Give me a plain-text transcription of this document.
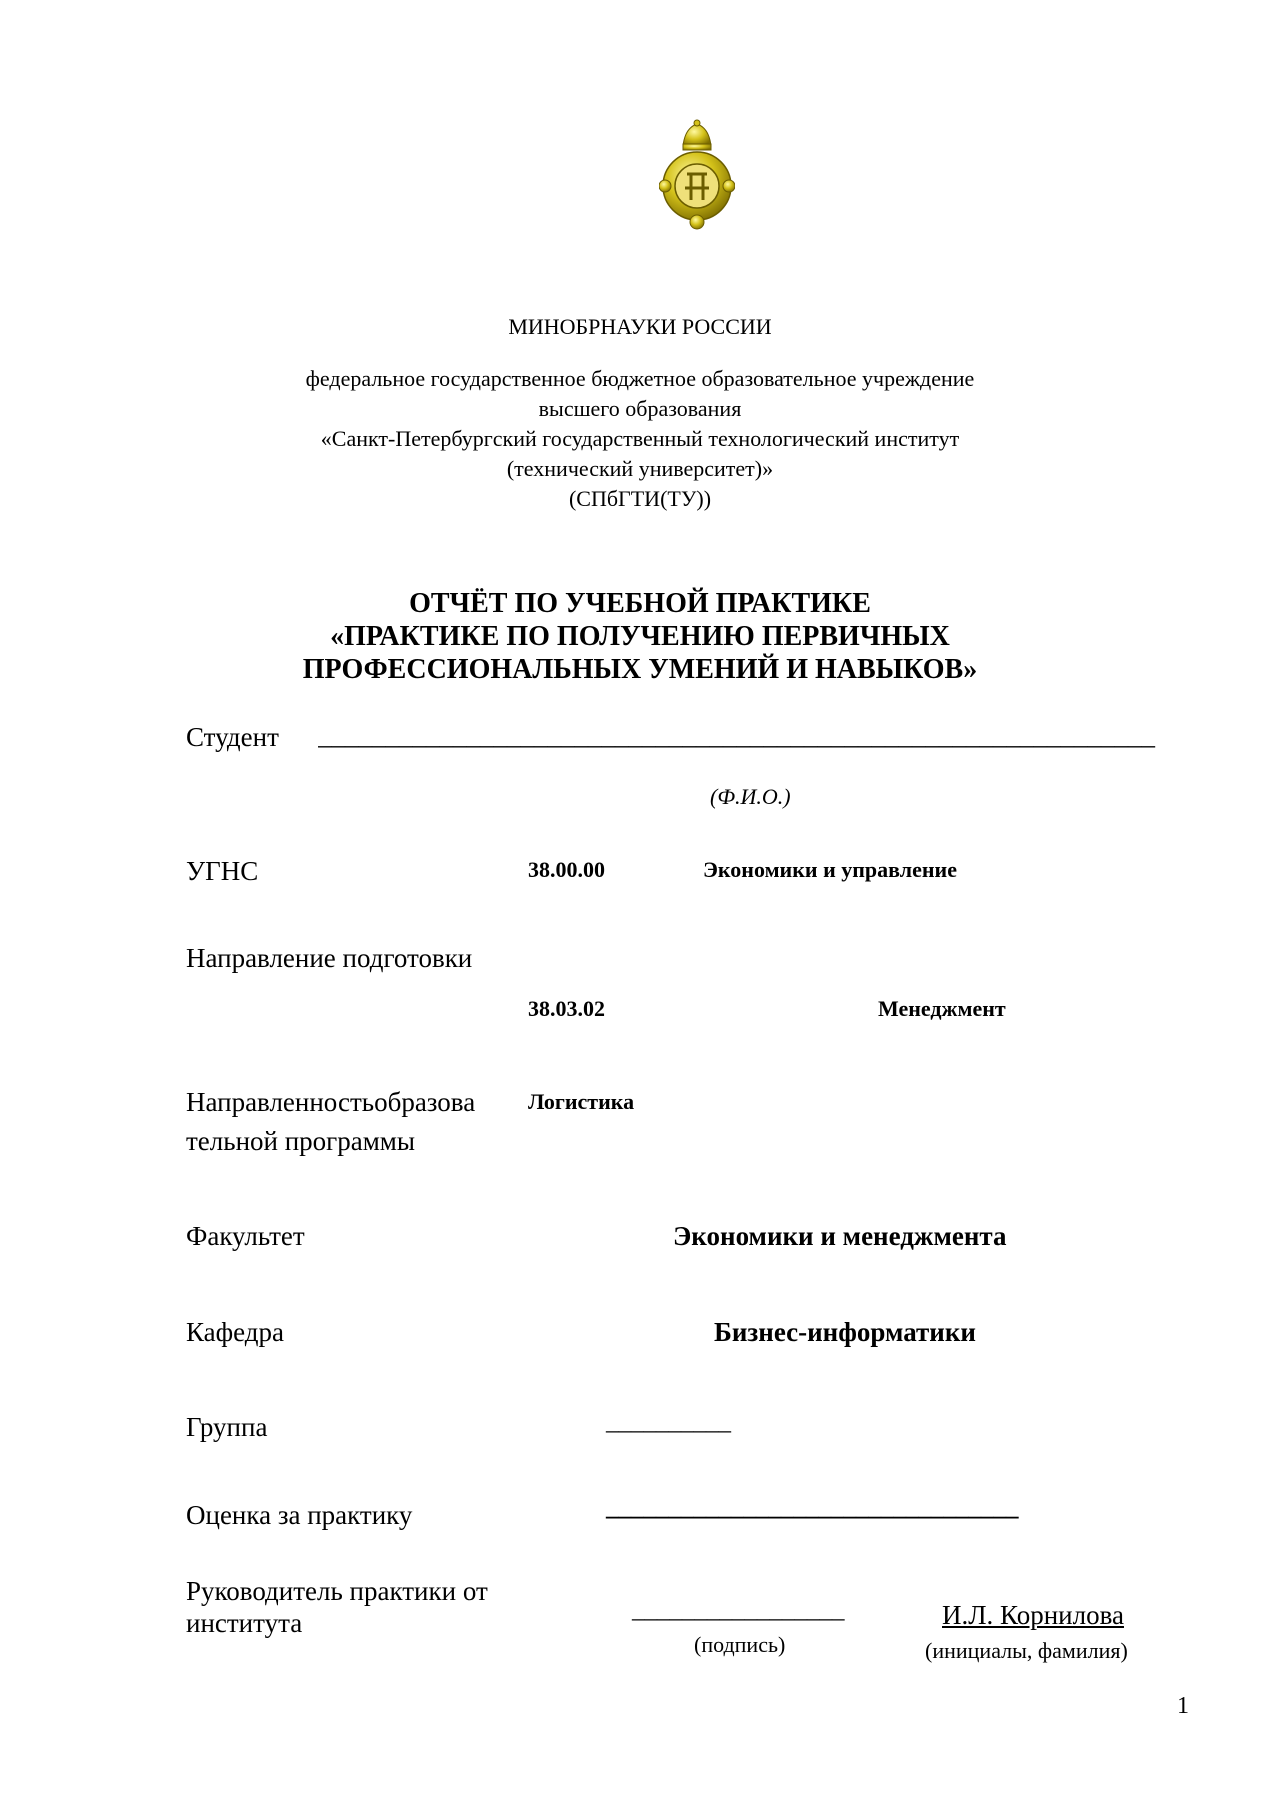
МИНОБРНАУКИ РОССИИ
федеральное государственное бюджетное образовательное учреждение
высшего образования
«Санкт-Петербургский государственный технологический институт
(технический университет)»
(СПбГТИ(ТУ))
ОТЧЁТ ПО УЧЕБНОЙ ПРАКТИКЕ
«ПРАКТИКЕ ПО ПОЛУЧЕНИЮ ПЕРВИЧНЫХ
ПРОФЕССИОНАЛЬНЫХ УМЕНИЙ И НАВЫКОВ»
Студент ______________________________________________________________
(Ф.И.О.)
УГНС	38.00.00	Экономики и управление
Направление подготовки
38.03.02	Менеджмент
Направленностьобразова
тельной программы
Логистика
Факультет	Экономики и менеджмента
Кафедра	Бизнес-информатики
Группа	__________
Оценка за практику	_________________________________
Руководитель практики от
института	_________________
(подпись)
И.Л. Корнилова
(инициалы, фамилия)
1
